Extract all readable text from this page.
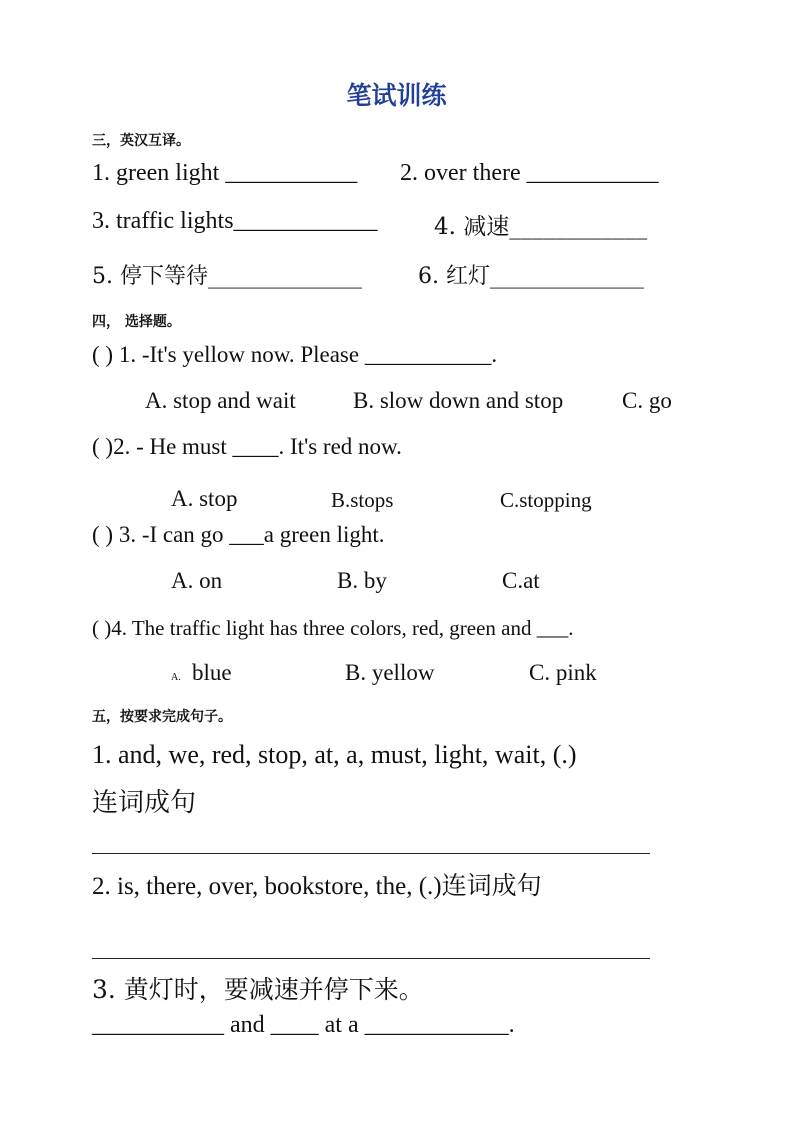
笔试训练
三，英汉互译。
1. green light ___________ 2. over there ___________
3. traffic lights____________ 4. 减速____________
5. 停下等待______________	6. 红灯______________
四， 选择题。
( ) 1. -It's yellow now. Please ___________.
A. stop and wait B. slow down and stop	C. go
( )2. - He must ____. It's red now.
A. stop	B.stops	C.stopping
( ) 3. -I can go ___a green light.
A. on	B. by	C.at
( )4. The traffic light has three colors, red, green and ___.
A. blue	B. yellow	C. pink
五，按要求完成句子。
1. and, we, red, stop, at, a, must, light, wait, (.)
连词成句
2. is, there, over, bookstore, the, (.)连词成句
3. 黄灯时，要减速并停下来。
___________ and ____ at a ____________.
